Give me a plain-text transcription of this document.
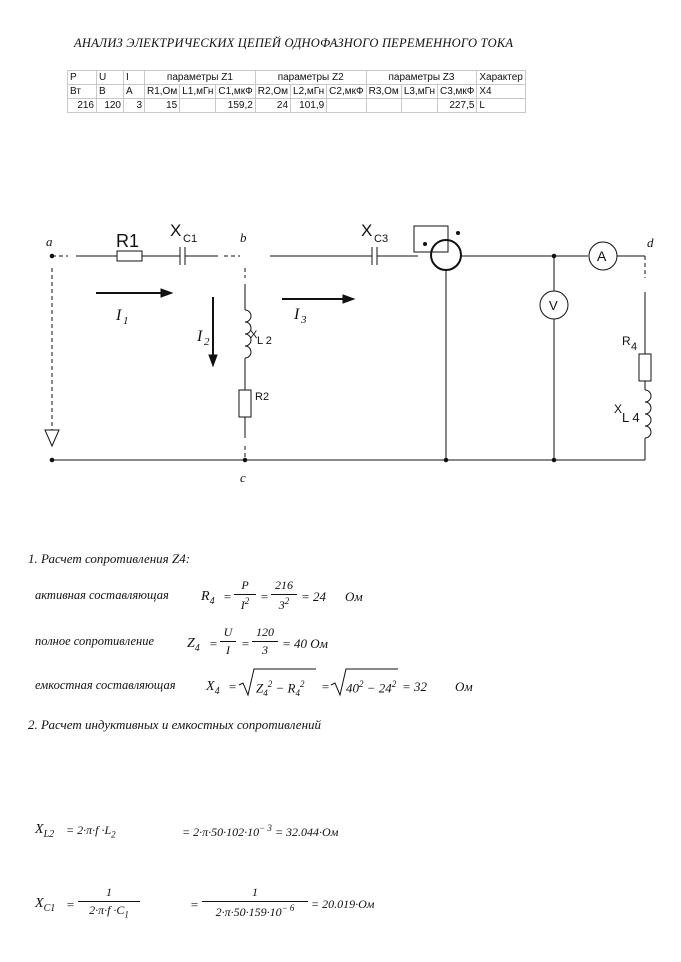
АНАЛИЗ ЭЛЕКТРИЧЕСКИХ ЦЕПЕЙ ОДНОФАЗНОГО ПЕРЕМЕННОГО ТОКА
P	U	I	параметры Z1			параметры Z2			параметры Z3			Характер
Вт	В	А	R1,Ом	L1,мГн	C1,мкФ	R2,Ом	L2,мГн	C2,мкФ	R3,Ом	L3,мГн	C3,мкФ	X4
216	120	3	15		159,2	24	101,9				227,5	L
a	b
c
d
R1
X C1	X C3
I 1
I 2
I 3
X L 2
R2
A
V
R 4
X
L 4
1. Расчет сопротивления Z4:
активная составляющая $R_4$ =
P
$I^2$ =
216
$3^2 = 24$ Ом
полное сопротивление $Z_4$ =
U
I =
120
3	= 40 Ом
емкостная составляющая $X_4 = Z_4^2 - R_4^2 = 40^2 - 24^2 = 32$ Ом
2. Расчет индуктивных и емкостных сопротивлений
$X_{L2} = 2\cdot\pi\cdot f \cdot L_2$	= $2\cdot\pi\cdot 50\cdot 102\cdot 10^{- 3} = 32.044\cdot Ом$
$X_{C1}$ =
1
$2\cdot\pi\cdot f \cdot C_1$
=
1
$2\cdot\pi\cdot 50\cdot 159\cdot 10^{- 6}$	= 20.019·Ом
